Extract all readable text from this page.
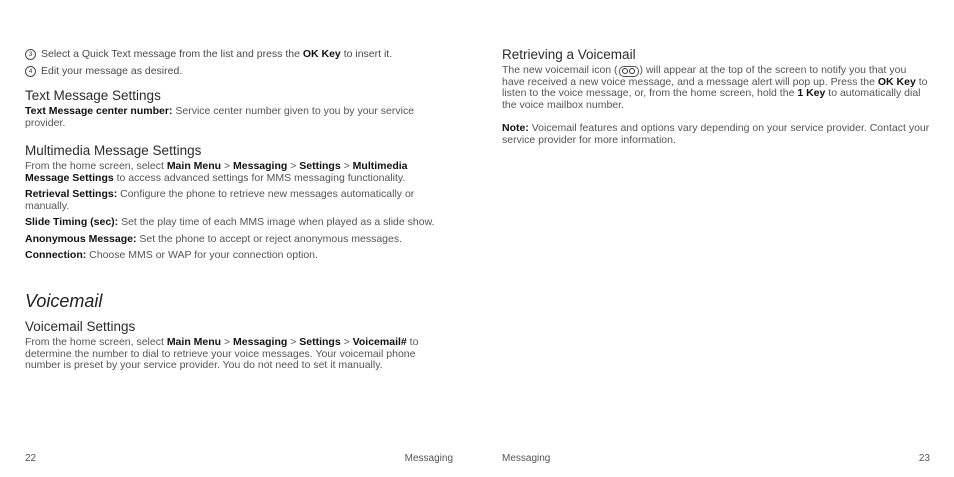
3 Select a Quick Text message from the list and press the OK Key to insert it.
4 Edit your message as desired.
Text Message Settings

Text Message center number: Service center number given to you by your service provider.

Multimedia Message Settings

From the home screen, select Main Menu > Messaging > Settings > Multimedia Message Settings to access advanced settings for MMS messaging functionality.

Retrieval Settings: Configure the phone to retrieve new messages automatically or manually.

Slide Timing (sec): Set the play time of each MMS image when played as a slide show.

Anonymous Message: Set the phone to accept or reject anonymous messages.

Connection: Choose MMS or WAP for your connection option.

Voicemail
Voicemail Settings

From the home screen, select Main Menu > Messaging > Settings > Voicemail# to determine the number to dial to retrieve your voice messages. Your voicemail phone number is preset by your service provider. You do not need to set it manually.

22	Messaging
Retrieving a Voicemail

The new voicemail icon ( ) will appear at the top of the screen to notify you that you have received a new voice message, and a message alert will pop up. Press the OK Key to listen to the voice message, or, from the home screen, hold the 1 Key to automatically dial the voice mailbox number.

Note: Voicemail features and options vary depending on your service provider. Contact your service provider for more information.

Messaging	23
